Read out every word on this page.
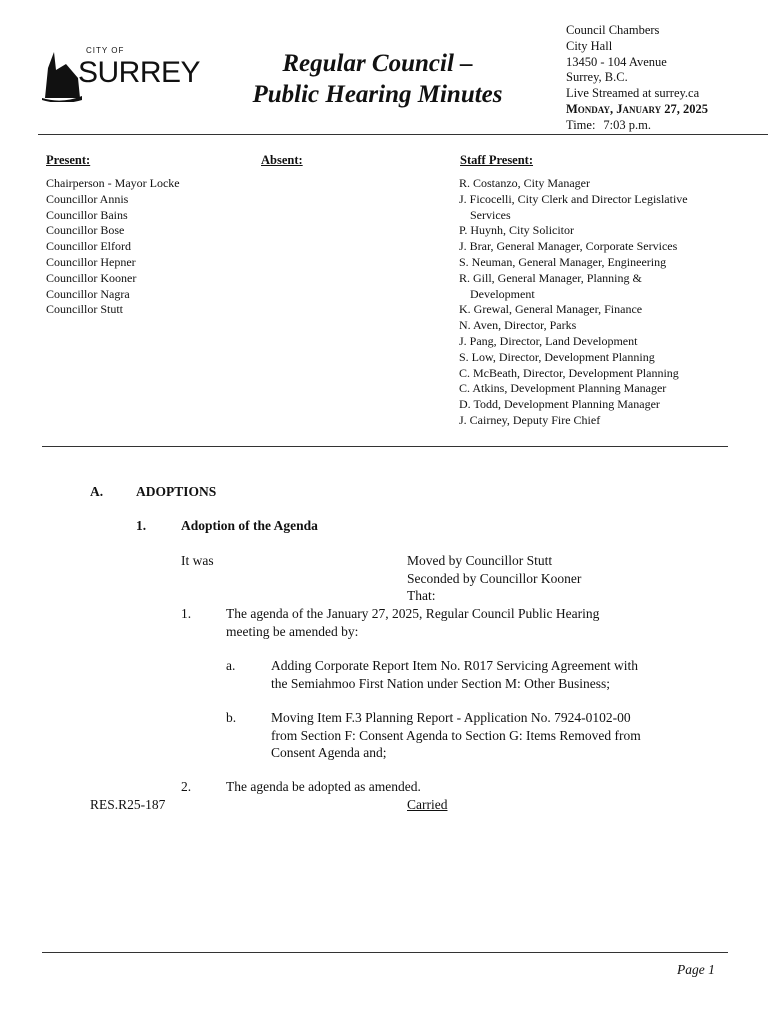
CITY OF
SURREY	Regular Council –
Public Hearing Minutes
Council Chambers
City Hall
13450 - 104 Avenue
Surrey, B.C.
Live Streamed at surrey.ca
Monday, January 27, 2025
Time: 7:03 p.m.
Present:	Absent:	Staff Present:
Chairperson - Mayor Locke
Councillor Annis
Councillor Bains
Councillor Bose
Councillor Elford
Councillor Hepner
Councillor Kooner
Councillor Nagra
Councillor Stutt
R. Costanzo, City Manager
J. Ficocelli, City Clerk and Director Legislative
Services
P. Huynh, City Solicitor
J. Brar, General Manager, Corporate Services
S. Neuman, General Manager, Engineering
R. Gill, General Manager, Planning &
Development
K. Grewal, General Manager, Finance
N. Aven, Director, Parks
J. Pang, Director, Land Development
S. Low, Director, Development Planning
C. McBeath, Director, Development Planning
C. Atkins, Development Planning Manager
D. Todd, Development Planning Manager
J. Cairney, Deputy Fire Chief
A. ADOPTIONS
1.	Adoption of the Agenda
It was	Moved by Councillor Stutt
Seconded by Councillor Kooner
That:
1.	The agenda of the January 27, 2025, Regular Council Public Hearing
meeting be amended by:
a.	Adding Corporate Report Item No. R017 Servicing Agreement with
the Semiahmoo First Nation under Section M: Other Business;
b.	Moving Item F.3 Planning Report - Application No. 7924-0102-00
from Section F: Consent Agenda to Section G: Items Removed from
Consent Agenda and;
2.	The agenda be adopted as amended.
RES.R25-187	Carried
Page 1
